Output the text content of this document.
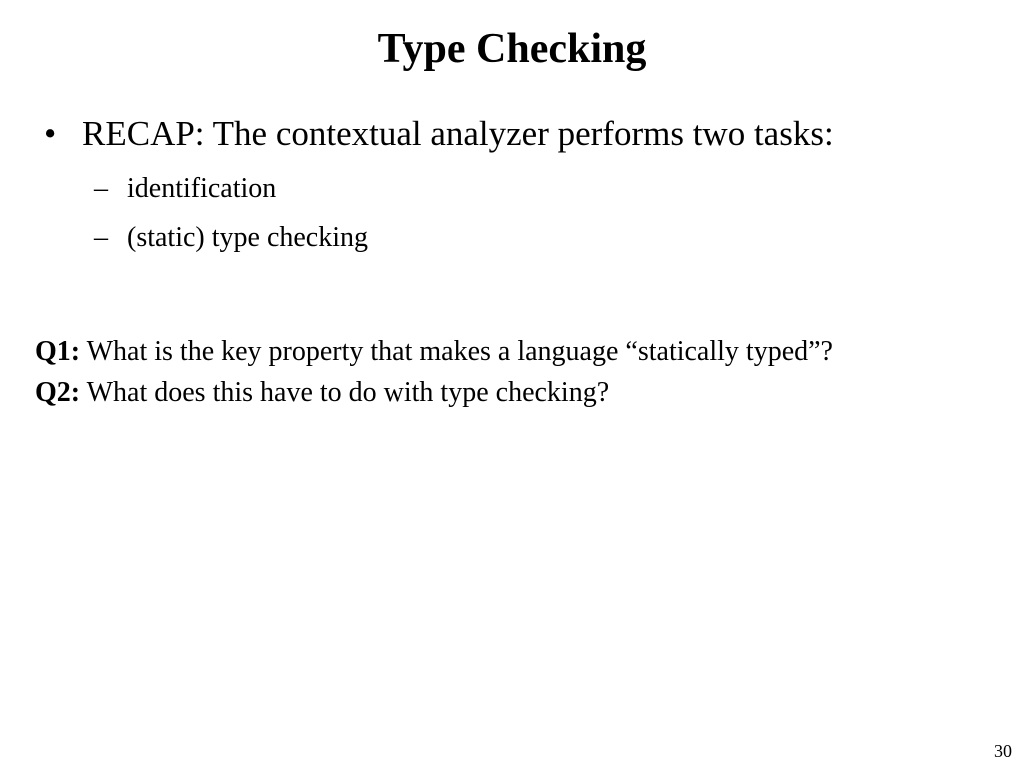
Type Checking
• RECAP: The contextual analyzer performs two tasks:
– identification
– (static) type checking

Q1: What is the key property that makes a language “statically typed”?

Q2: What does this have to do with type checking?

30
